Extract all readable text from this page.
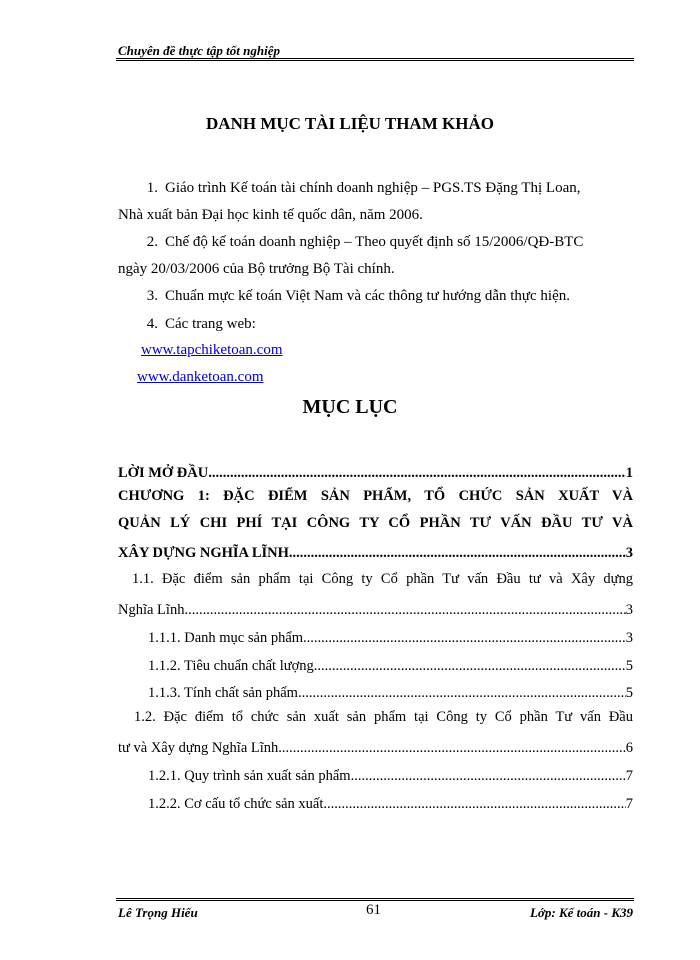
Chuyên đề thực tập tốt nghiệp
DANH MỤC TÀI LIỆU THAM KHẢO
1. Giáo trình Kế toán tài chính doanh nghiệp – PGS.TS Đặng Thị Loan,
Nhà xuất bản Đại học kinh tế quốc dân, năm 2006.
2. Chế độ kế toán doanh nghiệp – Theo quyết định số 15/2006/QĐ-BTC
ngày 20/03/2006 của Bộ trưởng Bộ Tài chính.
3. Chuẩn mực kế toán Việt Nam và các thông tư hướng dẫn thực hiện.
4. Các trang web:
www.tapchiketoan.com
www.danketoan.com
MỤC LỤC
LỜI MỞ ĐẦU .....	1
CHƯƠNG 1: ĐẶC ĐIỂM SẢN PHẨM, TỔ CHỨC SẢN XUẤT VÀ
QUẢN LÝ CHI PHÍ TẠI CÔNG TY CỔ PHẦN TƯ VẤN ĐẦU TƯ VÀ
XÂY DỰNG NGHĨA LĨNH .....	3
1.1. Đặc điểm sản phẩm tại Công ty Cổ phần Tư vấn Đầu tư và Xây dựng
Nghĩa Lĩnh .....	3
1.1.1. Danh mục sản phẩm .....	3
1.1.2. Tiêu chuẩn chất lượng .....	5
1.1.3. Tính chất sản phẩm .....	5
1.2. Đặc điểm tổ chức sản xuất sản phẩm tại Công ty Cổ phần Tư vấn Đầu
tư và Xây dựng Nghĩa Lĩnh .....	6
1.2.1. Quy trình sản xuất sản phẩm .....	7
1.2.2. Cơ cấu tổ chức sản xuất .....	7
Lê Trọng Hiếu	61	Lớp: Kế toán - K39
